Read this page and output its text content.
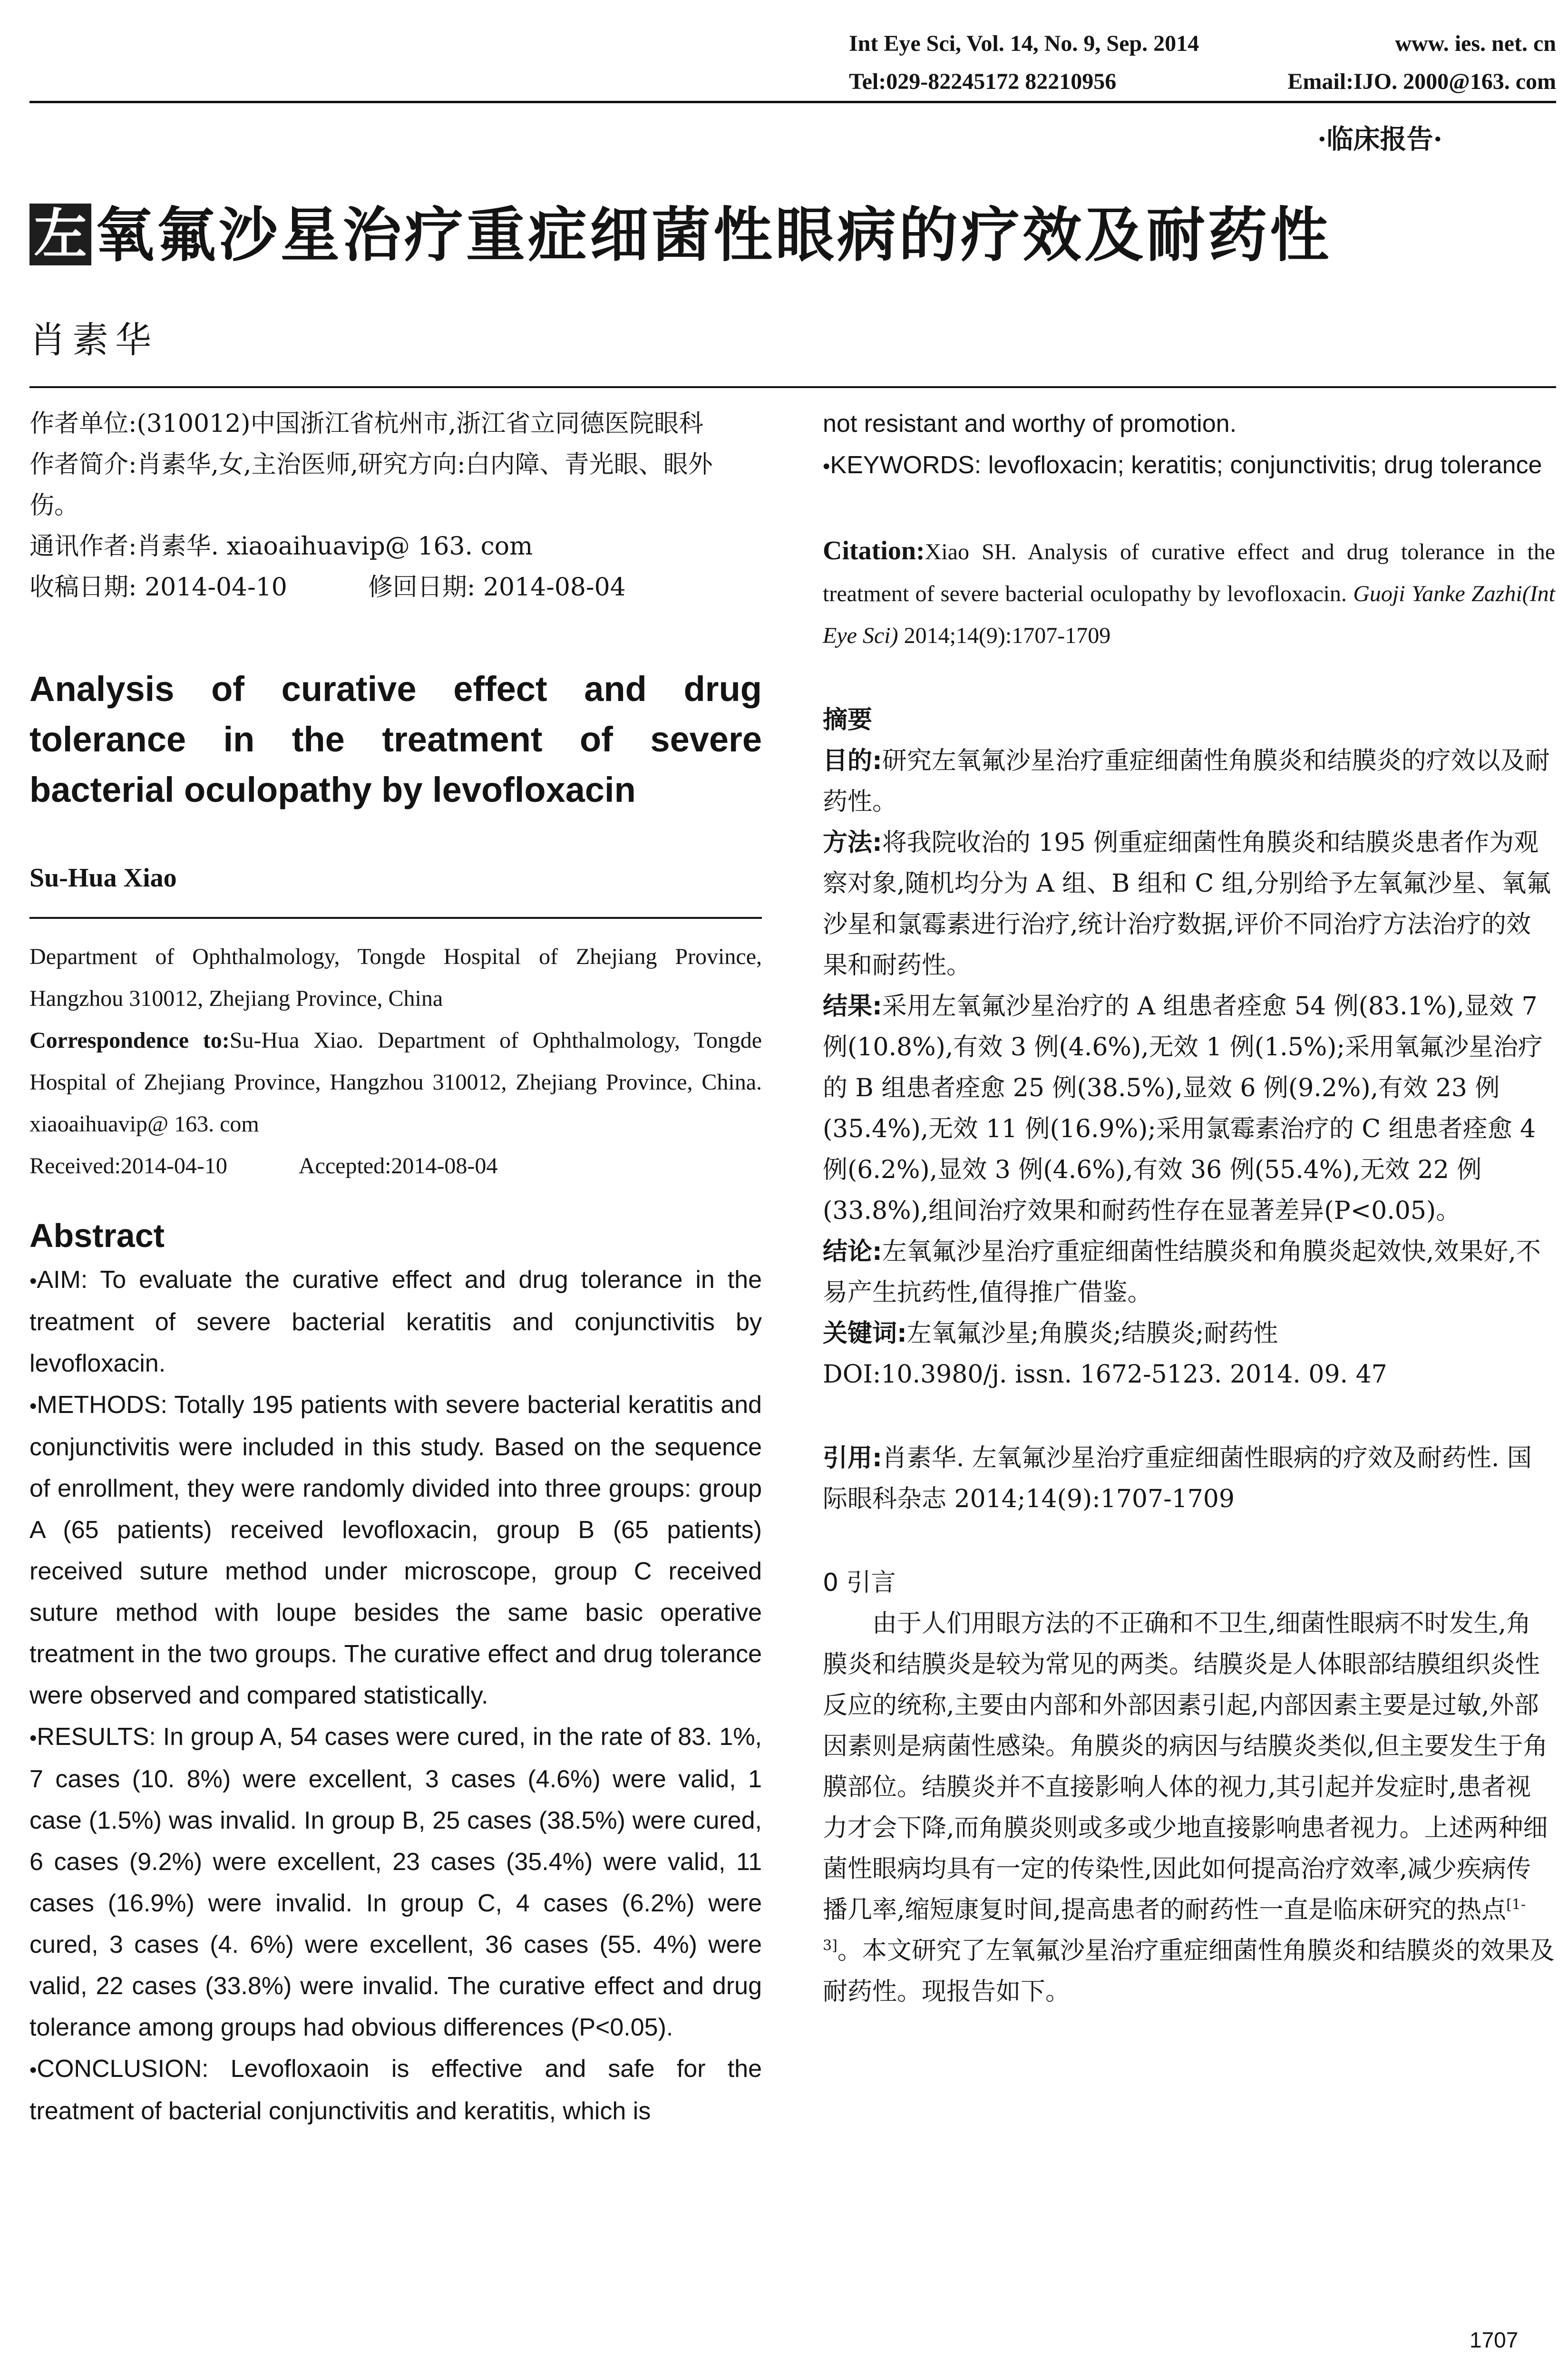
Int Eye Sci, Vol. 14, No. 9, Sep. 2014	www. ies. net. cn
Tel:029-82245172 82210956	Email:IJO. 2000@163. com
·临床报告·
左 氧氟沙星治疗重症细菌性眼病的疗效及耐药性
肖素华

作者单位:(310012)中国浙江省杭州市,浙江省立同德医院眼科

作者简介:肖素华,女,主治医师,研究方向:白内障、青光眼、眼外伤。

通讯作者:肖素华. xiaoaihuavip@ 163. com

收稿日期: 2014-04-10	修回日期: 2014-08-04

Analysis of curative effect and drug tolerance in the treatment of severe bacterial oculopathy by levofloxacin

Su-Hua Xiao

Department of Ophthalmology, Tongde Hospital of Zhejiang Province, Hangzhou 310012, Zhejiang Province, China

Correspondence to:Su-Hua Xiao. Department of Ophthalmology, Tongde Hospital of Zhejiang Province, Hangzhou 310012, Zhejiang Province, China. xiaoaihuavip@ 163. com

Received:2014-04-10	Accepted:2014-08-04

Abstract

•AIM: To evaluate the curative effect and drug tolerance in the treatment of severe bacterial keratitis and conjunctivitis by levofloxacin.

•METHODS: Totally 195 patients with severe bacterial keratitis and conjunctivitis were included in this study. Based on the sequence of enrollment, they were randomly divided into three groups: group A (65 patients) received levofloxacin, group B (65 patients) received suture method under microscope, group C received suture method with loupe besides the same basic operative treatment in the two groups. The curative effect and drug tolerance were observed and compared statistically.

•RESULTS: In group A, 54 cases were cured, in the rate of 83. 1%, 7 cases (10. 8%) were excellent, 3 cases (4.6%) were valid, 1 case (1.5%) was invalid. In group B, 25 cases (38.5%) were cured, 6 cases (9.2%) were excellent, 23 cases (35.4%) were valid, 11 cases (16.9%) were invalid. In group C, 4 cases (6.2%) were cured, 3 cases (4. 6%) were excellent, 36 cases (55. 4%) were valid, 22 cases (33.8%) were invalid. The curative effect and drug tolerance among groups had obvious differences (P<0.05).

•CONCLUSION: Levofloxaoin is effective and safe for the treatment of bacterial conjunctivitis and keratitis, which is

not resistant and worthy of promotion.

•KEYWORDS: levofloxacin; keratitis; conjunctivitis; drug tolerance

Citation:Xiao SH. Analysis of curative effect and drug tolerance in the treatment of severe bacterial oculopathy by levofloxacin. Guoji Yanke Zazhi(Int Eye Sci) 2014;14(9):1707-1709

摘要

目的:研究左氧氟沙星治疗重症细菌性角膜炎和结膜炎的疗效以及耐药性。

方法:将我院收治的 195 例重症细菌性角膜炎和结膜炎患者作为观察对象,随机均分为 A 组、B 组和 C 组,分别给予左氧氟沙星、氧氟沙星和氯霉素进行治疗,统计治疗数据,评价不同治疗方法治疗的效果和耐药性。

结果:采用左氧氟沙星治疗的 A 组患者痊愈 54 例(83.1%),显效 7 例(10.8%),有效 3 例(4.6%),无效 1 例(1.5%);采用氧氟沙星治疗的 B 组患者痊愈 25 例(38.5%),显效 6 例(9.2%),有效 23 例(35.4%),无效 11 例(16.9%);采用氯霉素治疗的 C 组患者痊愈 4 例(6.2%),显效 3 例(4.6%),有效 36 例(55.4%),无效 22 例(33.8%),组间治疗效果和耐药性存在显著差异(P<0.05)。

结论:左氧氟沙星治疗重症细菌性结膜炎和角膜炎起效快,效果好,不易产生抗药性,值得推广借鉴。

关键词:左氧氟沙星;角膜炎;结膜炎;耐药性

DOI:10.3980/j. issn. 1672-5123. 2014. 09. 47

引用:肖素华. 左氧氟沙星治疗重症细菌性眼病的疗效及耐药性. 国际眼科杂志 2014;14(9):1707-1709

0 引言

由于人们用眼方法的不正确和不卫生,细菌性眼病不时发生,角膜炎和结膜炎是较为常见的两类。结膜炎是人体眼部结膜组织炎性反应的统称,主要由内部和外部因素引起,内部因素主要是过敏,外部因素则是病菌性感染。角膜炎的病因与结膜炎类似,但主要发生于角膜部位。结膜炎并不直接影响人体的视力,其引起并发症时,患者视力才会下降,而角膜炎则或多或少地直接影响患者视力。上述两种细菌性眼病均具有一定的传染性,因此如何提高治疗效率,减少疾病传播几率,缩短康复时间,提高患者的耐药性一直是临床研究的热点[1-3]。本文研究了左氧氟沙星治疗重症细菌性角膜炎和结膜炎的效果及耐药性。现报告如下。

1707
